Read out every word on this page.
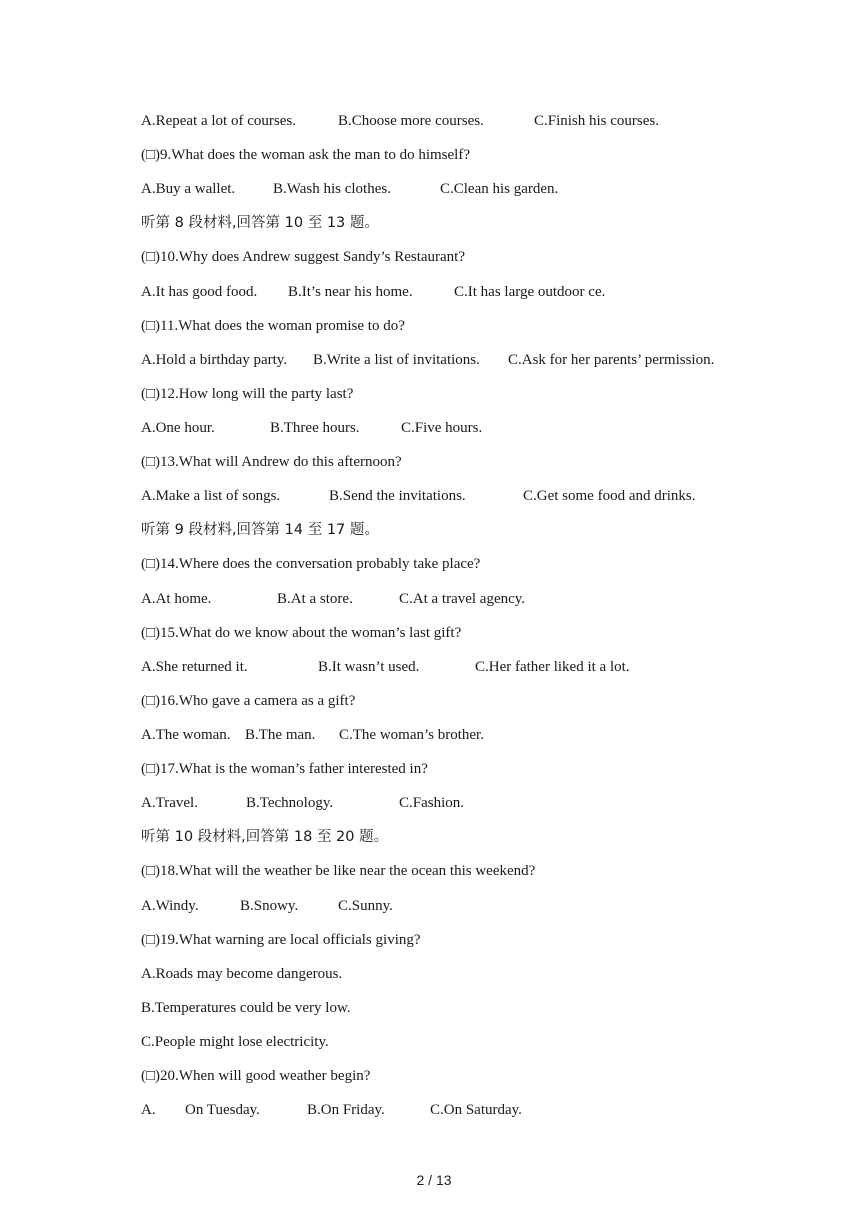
A.Repeat a lot of courses.	B.Choose more courses.	C.Finish his courses.
(□)9.What does the woman ask the man to do himself?
A.Buy a wallet.	B.Wash his clothes.	C.Clean his garden.
听第 8 段材料,回答第 10 至 13 题。
(□)10.Why does Andrew suggest Sandy’s Restaurant?
A.It has good food. B.It’s near his home.	C.It has large outdoor ce.
(□)11.What does the woman promise to do?
A.Hold a birthday party. B.Write a list of invitations. C.Ask for her parents’ permission.
(□)12.How long will the party last?
A.One hour.	B.Three hours.	C.Five hours.
(□)13.What will Andrew do this afternoon?
A.Make a list of songs.	B.Send the invitations.	C.Get some food and drinks.
听第 9 段材料,回答第 14 至 17 题。
(□)14.Where does the conversation probably take place?
A.At home.	B.At a store.	C.At a travel agency.
(□)15.What do we know about the woman’s last gift?
A.She returned it.	B.It wasn’t used.	C.Her father liked it a lot.
(□)16.Who gave a camera as a gift?
A.The woman. B.The man. C.The woman’s brother.
(□)17.What is the woman’s father interested in?
A.Travel.	B.Technology.	C.Fashion.
听第 10 段材料,回答第 18 至 20 题。
(□)18.What will the weather be like near the ocean this weekend?
A.Windy.	B.Snowy.	C.Sunny.
(□)19.What warning are local officials giving?
A.Roads may become dangerous.
B.Temperatures could be very low.
C.People might lose electricity.
(□)20.When will good weather begin?
A. On Tuesday.	B.On Friday.	C.On Saturday.
2 / 13
